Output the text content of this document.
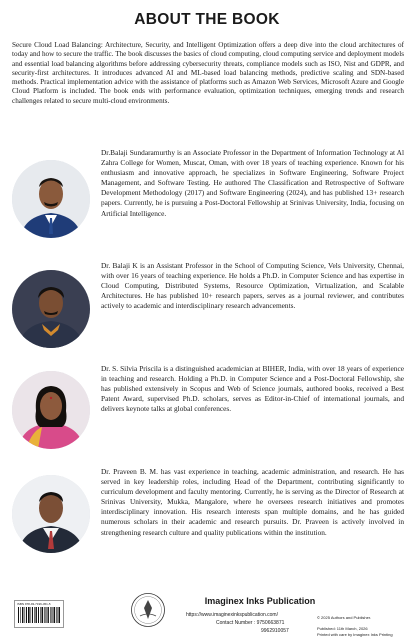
ABOUT THE BOOK

Secure Cloud Load Balancing: Architecture, Security, and Intelligent Optimization offers a deep dive into the cloud architectures of today and how to secure the traffic. The book discusses the basics of cloud computing, cloud computing service and deployment models and essential load balancing algorithms before addressing cybersecurity threats, compliance models such as ISO, Nist and GDPR, and security-first architectures. It introduces advanced AI and ML-based load balancing methods, predictive scaling and SDN-based methods. Practical implementation advice with the assistance of platforms such as Amazon Web Services, Microsoft Azure and Google Cloud Platform is included. The book ends with performance evaluation, optimization techniques, emerging trends and research challenges related to secure multi-cloud environments.

Dr.Balaji Sundaramurthy is an Associate Professor in the Department of Information Technology at Al Zahra College for Women, Muscat, Oman, with over 18 years of teaching experience. Known for his enthusiasm and innovative approach, he specializes in Software Engineering, Software Project Management, and Software Testing. He authored The Classification and Retrospective of Software Development Methodology (2017) and Software Engineering (2024), and has published 13+ research papers. Currently, he is pursuing a Post-Doctoral Fellowship at Srinivas University, India, focusing on Artificial Intelligence.

Dr. Balaji K is an Assistant Professor in the School of Computing Science, Vels University, Chennai, with over 16 years of teaching experience. He holds a Ph.D. in Computer Science and has expertise in Cloud Computing, Distributed Systems, Resource Optimization, Virtualization, and Scalable Architectures. He has published 10+ research papers, serves as a journal reviewer, and contributes actively to academic and interdisciplinary research advancements.

Dr. S. Silvia Priscila is a distinguished academician at BIHER, India, with over 18 years of experience in teaching and research. Holding a Ph.D. in Computer Science and a Post-Doctoral Fellowship, she has published extensively in Scopus and Web of Science journals, authored books, received a Best Patent Award, supervised Ph.D. scholars, serves as Editor-in-Chief of international journals, and delivers keynote talks at global conferences.

Dr. Praveen B. M. has vast experience in teaching, academic administration, and research. He has served in key leadership roles, including Head of the Department, contributing significantly to curriculum development and faculty mentoring. Currently, he is serving as the Director of Research at Srinivas University, Mukka, Mangalore, where he oversees research initiatives and promotes interdisciplinary innovation. His research interests span multiple domains, and he has guided numerous scholars in their academic and research pursuits. Dr. Praveen is actively involved in strengthening research culture and quality publications within the institution.

ISBN 978-93-7196-451-5	Imaginex Inks Publication
https://www.imaginexinkspublication.com/
Contact Number : 9750663871
9962910057
© 2025 Authors and Publisher.
Published: 11th March, 2026
Printed with care by Imaginex Inks Printing
